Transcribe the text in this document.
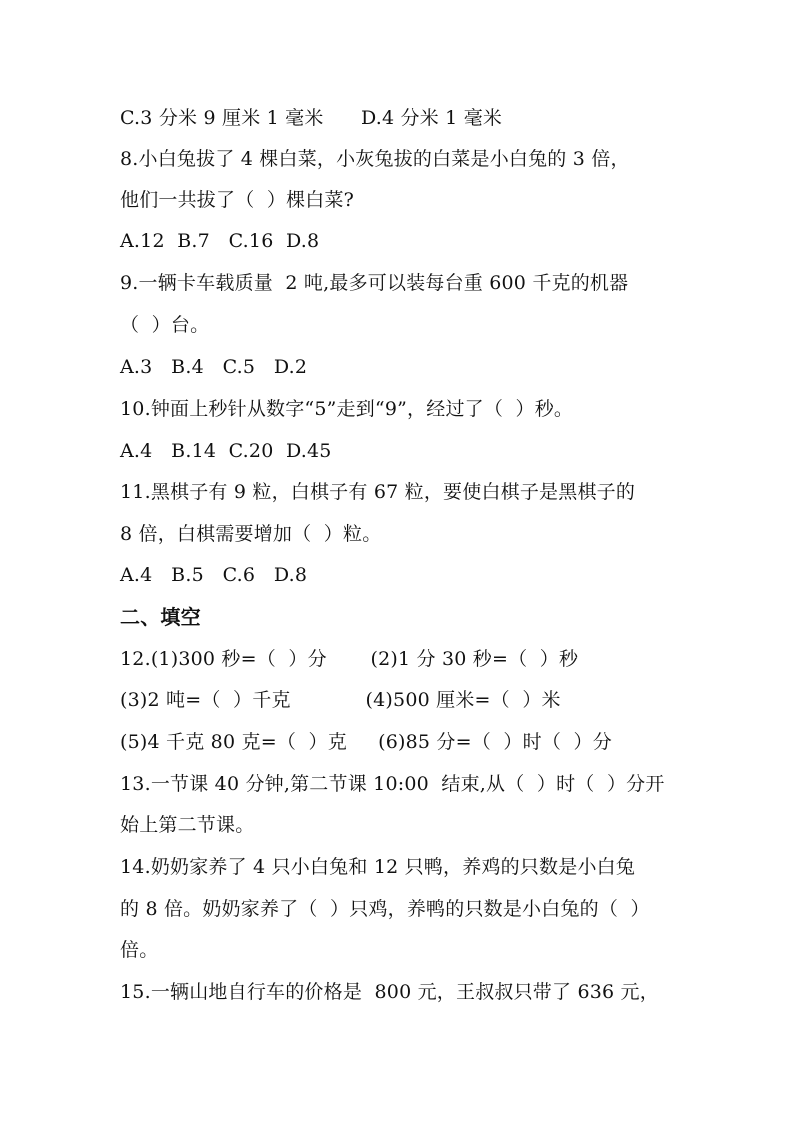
C.3 分米 9 厘米 1 毫米      D.4 分米 1 毫米
8.小白兔拔了 4 棵白菜，小灰兔拔的白菜是小白兔的 3 倍，
他们一共拔了（  ）棵白菜?
A.12  B.7   C.16  D.8
9.一辆卡车载质量  2 吨,最多可以装每台重 600 千克的机器
（  ）台。
A.3   B.4   C.5   D.2
10.钟面上秒针从数字“5”走到“9”，经过了（  ）秒。
A.4   B.14  C.20  D.45
11.黑棋子有 9 粒，白棋子有 67 粒，要使白棋子是黑棋子的
8 倍，白棋需要增加（  ）粒。
A.4   B.5   C.6   D.8
二、填空
12.(1)300 秒=（  ）分       (2)1 分 30 秒=（  ）秒
(3)2 吨=（  ）千克            (4)500 厘米=（  ）米
(5)4 千克 80 克=（  ）克     (6)85 分=（  ）时（  ）分
13.一节课 40 分钟,第二节课 10:00  结束,从（  ）时（  ）分开
始上第二节课。
14.奶奶家养了 4 只小白兔和 12 只鸭，养鸡的只数是小白兔
的 8 倍。奶奶家养了（  ）只鸡，养鸭的只数是小白兔的（  ）
倍。
15.一辆山地自行车的价格是  800 元，王叔叔只带了 636 元，
